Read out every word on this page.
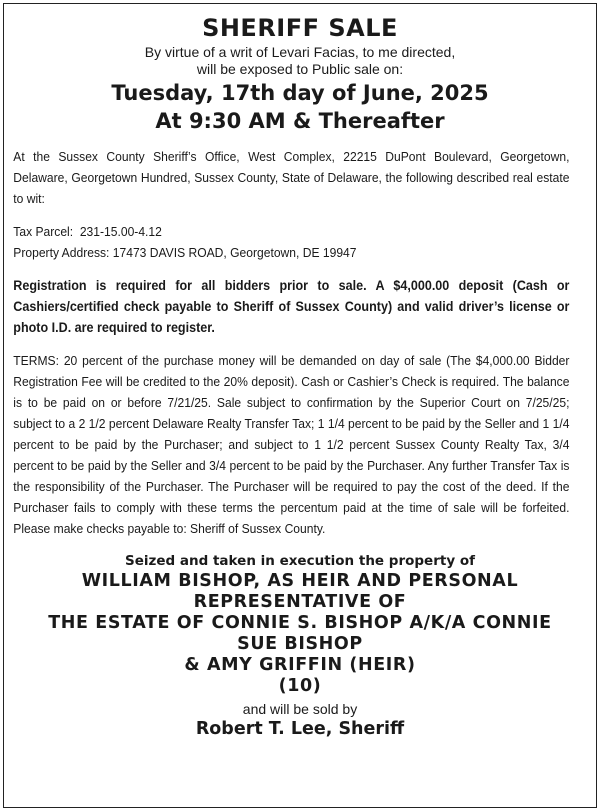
SHERIFF SALE
By virtue of a writ of Levari Facias, to me directed,
will be exposed to Public sale on:
Tuesday, 17th day of June, 2025
At 9:30 AM & Thereafter

At the Sussex County Sheriff’s Office, West Complex, 22215 DuPont Boulevard, Georgetown, Delaware, Georgetown Hundred, Sussex County, State of Delaware, the following described real estate to wit:

Tax Parcel: 231-15.00-4.12

Property Address: 17473 DAVIS ROAD, Georgetown, DE 19947

Registration is required for all bidders prior to sale. A $4,000.00 deposit (Cash or Cashiers/certified check payable to Sheriff of Sussex County) and valid driver’s license or photo I.D. are required to register.

TERMS: 20 percent of the purchase money will be demanded on day of sale (The $4,000.00 Bidder Registration Fee will be credited to the 20% deposit). Cash or Cashier’s Check is required. The balance is to be paid on or before 7/21/25. Sale subject to confirmation by the Superior Court on 7/25/25; subject to a 2 1/2 percent Delaware Realty Transfer Tax; 1 1/4 percent to be paid by the Seller and 1 1/4 percent to be paid by the Purchaser; and subject to 1 1/2 percent Sussex County Realty Tax, 3/4 percent to be paid by the Seller and 3/4 percent to be paid by the Purchaser. Any further Transfer Tax is the responsibility of the Purchaser. The Purchaser will be required to pay the cost of the deed. If the Purchaser fails to comply with these terms the percentum paid at the time of sale will be forfeited. Please make checks payable to: Sheriff of Sussex County.

Seized and taken in execution the property of
WILLIAM BISHOP, AS HEIR AND PERSONAL
REPRESENTATIVE OF
THE ESTATE OF CONNIE S. BISHOP A/K/A CONNIE
SUE BISHOP
& AMY GRIFFIN (HEIR)
(10)
and will be sold by
Robert T. Lee, Sheriff
